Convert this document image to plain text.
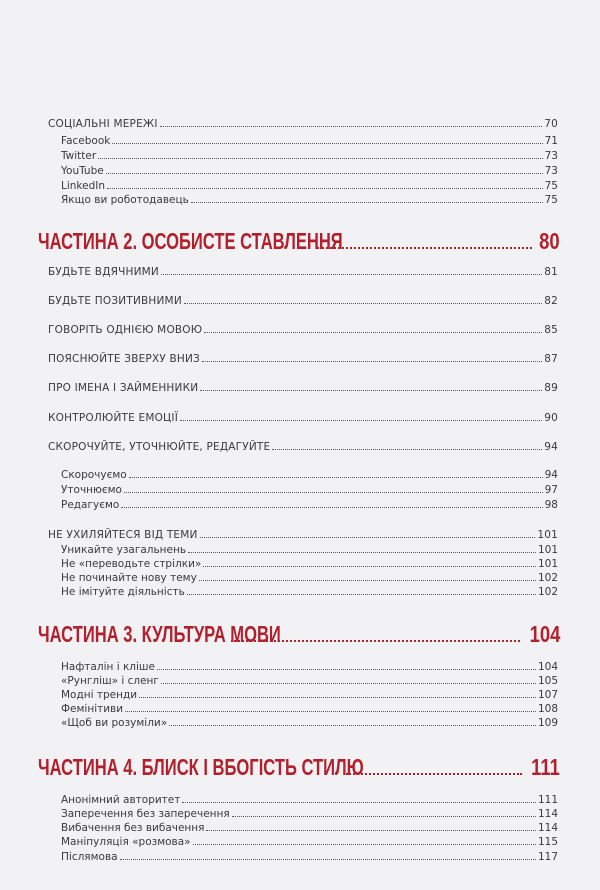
СОЦІАЛЬНІ МЕРЕЖІ	70
Facebook	71
Twitter	73
YouTube	73
LinkedIn	75
Якщо ви роботодавець	75
ЧАСТИНА 2. ОСОБИСТЕ СТАВЛЕННЯ	80
БУДЬТЕ ВДЯЧНИМИ	81
БУДЬТЕ ПОЗИТИВНИМИ	82
ГОВОРІТЬ ОДНІЄЮ МОВОЮ	85
ПОЯСНЮЙТЕ ЗВЕРХУ ВНИЗ	87
ПРО ІМЕНА І ЗАЙМЕННИКИ	89
КОНТРОЛЮЙТЕ ЕМОЦІЇ	90
СКОРОЧУЙТЕ, УТОЧНЮЙТЕ, РЕДАГУЙТЕ	94
Скорочуємо	94
Уточнюємо	97
Редагуємо	98
НЕ УХИЛЯЙТЕСЯ ВІД ТЕМИ	101
Уникайте узагальнень	101
Не «переводьте стрілки»	101
Не починайте нову тему	102
Не імітуйте діяльність	102
ЧАСТИНА 3. КУЛЬТУРА МОВИ	104
Нафталін і кліше	104
«Рунгліш» і сленг	105
Модні тренди	107
Фемінітиви	108
«Щоб ви розуміли»	109
ЧАСТИНА 4. БЛИСК І ВБОГІСТЬ СТИЛЮ	111
Анонімний авторитет	111
Заперечення без заперечення	114
Вибачення без вибачення	114
Маніпуляція «розмова»	115
Післямова	117
